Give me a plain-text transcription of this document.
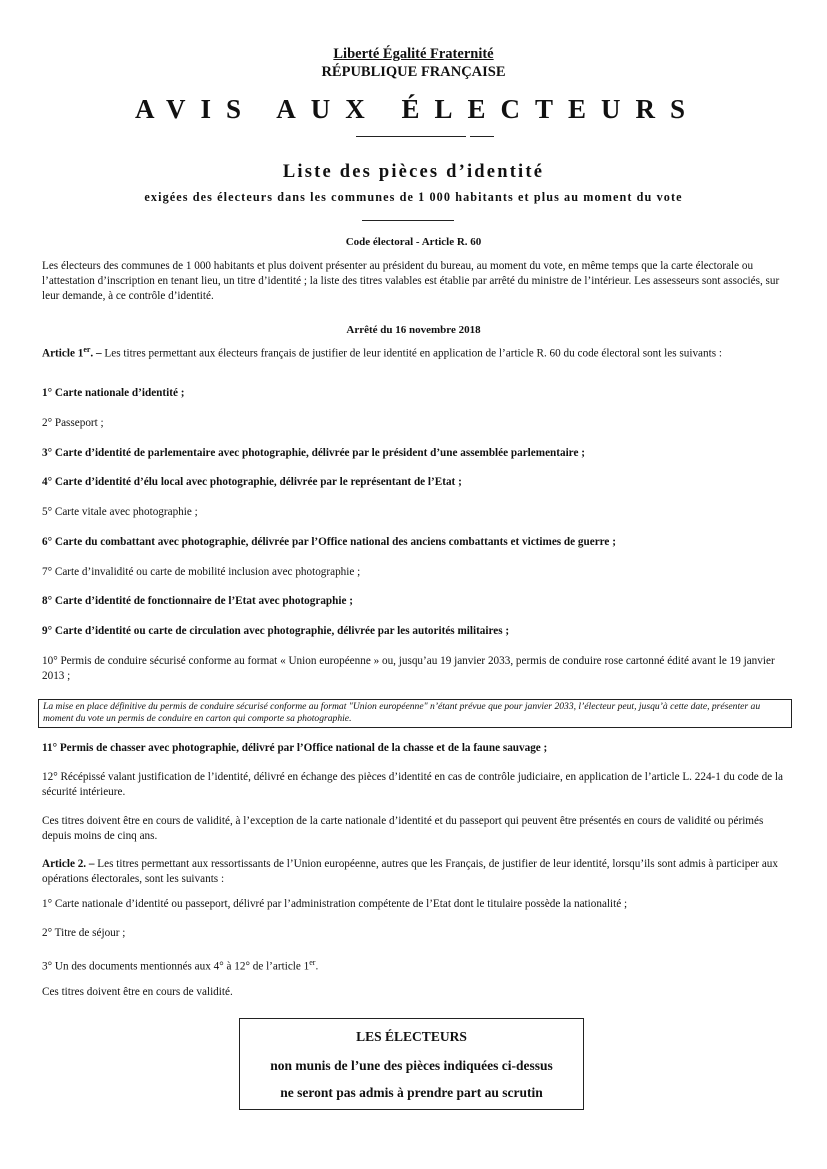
Liberté Égalité Fraternité
RÉPUBLIQUE FRANÇAISE
AVIS AUX ÉLECTEURS
Liste des pièces d’identité
exigées des électeurs dans les communes de 1 000 habitants et plus au moment du vote
Code électoral - Article R. 60
Les électeurs des communes de 1 000 habitants et plus doivent présenter au président du bureau, au moment du vote, en même temps que la carte électorale ou l’attestation d’inscription en tenant lieu, un titre d’identité ; la liste des titres valables est établie par arrêté du ministre de l’intérieur. Les assesseurs sont associés, sur leur demande, à ce contrôle d’identité.
Arrêté du 16 novembre 2018
Article 1er. – Les titres permettant aux électeurs français de justifier de leur identité en application de l’article R. 60 du code électoral sont les suivants :
1° Carte nationale d’identité ;
2° Passeport ;
3° Carte d’identité de parlementaire avec photographie, délivrée par le président d’une assemblée parlementaire ;
4° Carte d’identité d’élu local avec photographie, délivrée par le représentant de l’Etat ;
5° Carte vitale avec photographie ;
6° Carte du combattant avec photographie, délivrée par l’Office national des anciens combattants et victimes de guerre ;
7° Carte d’invalidité ou carte de mobilité inclusion avec photographie ;
8° Carte d’identité de fonctionnaire de l’Etat avec photographie ;
9° Carte d’identité ou carte de circulation avec photographie, délivrée par les autorités militaires ;
10° Permis de conduire sécurisé conforme au format « Union européenne » ou, jusqu’au 19 janvier 2033, permis de conduire rose cartonné édité avant le 19 janvier 2013 ;
La mise en place définitive du permis de conduire sécurisé conforme au format "Union européenne" n’étant prévue que pour janvier 2033, l’électeur peut, jusqu’à cette date, présenter au moment du vote un permis de conduire en carton qui comporte sa photographie.
11° Permis de chasser avec photographie, délivré par l’Office national de la chasse et de la faune sauvage ;
12° Récépissé valant justification de l’identité, délivré en échange des pièces d’identité en cas de contrôle judiciaire, en application de l’article L. 224-1 du code de la sécurité intérieure.
Ces titres doivent être en cours de validité, à l’exception de la carte nationale d’identité et du passeport qui peuvent être présentés en cours de validité ou périmés depuis moins de cinq ans.
Article 2. – Les titres permettant aux ressortissants de l’Union européenne, autres que les Français, de justifier de leur identité, lorsqu’ils sont admis à participer aux opérations électorales, sont les suivants :
1° Carte nationale d’identité ou passeport, délivré par l’administration compétente de l’Etat dont le titulaire possède la nationalité ;
2° Titre de séjour ;
3° Un des documents mentionnés aux 4° à 12° de l’article 1er.
Ces titres doivent être en cours de validité.
LES ÉLECTEURS
non munis de l’une des pièces indiquées ci-dessus
ne seront pas admis à prendre part au scrutin
